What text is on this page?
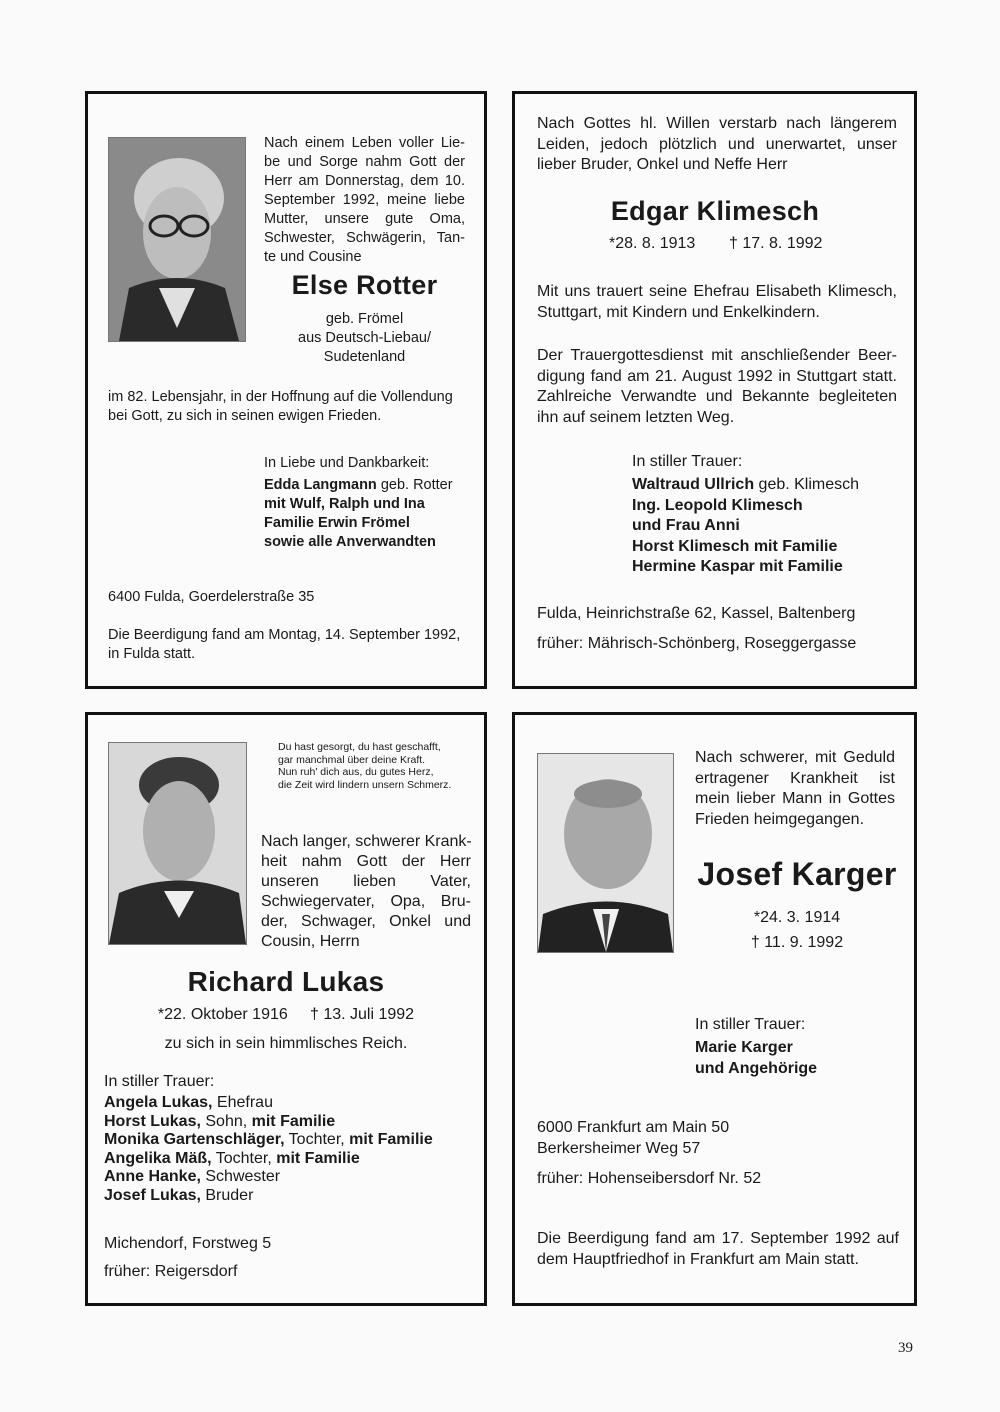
Nach einem Leben voller Lie-
be und Sorge nahm Gott der
Herr am Donnerstag, dem 10.
September 1992, meine liebe
Mutter, unsere gute Oma,
Schwester, Schwägerin, Tan-
te und Cousine
Else Rotter
geb. Frömel
aus Deutsch-Liebau/
Sudetenland
im 82. Lebensjahr, in der Hoffnung auf die Vollendung
bei Gott, zu sich in seinen ewigen Frieden.
In Liebe und Dankbarkeit:
Edda Langmann geb. Rotter
mit Wulf, Ralph und Ina
Familie Erwin Frömel
sowie alle Anverwandten
6400 Fulda, Goerdelerstraße 35
Die Beerdigung fand am Montag, 14. September 1992,
in Fulda statt.
Nach Gottes hl. Willen verstarb nach längerem
Leiden, jedoch plötzlich und unerwartet, unser
lieber Bruder, Onkel und Neffe Herr
Edgar Klimesch
*28. 8. 1913 † 17. 8. 1992
Mit uns trauert seine Ehefrau Elisabeth Klimesch,
Stuttgart, mit Kindern und Enkelkindern.
Der Trauergottesdienst mit anschließender Beer-
digung fand am 21. August 1992 in Stuttgart statt.
Zahlreiche Verwandte und Bekannte begleiteten
ihn auf seinem letzten Weg.
In stiller Trauer:
Waltraud Ullrich geb. Klimesch
Ing. Leopold Klimesch
und Frau Anni
Horst Klimesch mit Familie
Hermine Kaspar mit Familie
Fulda, Heinrichstraße 62, Kassel, Baltenberg
früher: Mährisch-Schönberg, Roseggergasse
Du hast gesorgt, du hast geschafft,
gar manchmal über deine Kraft.
Nun ruh' dich aus, du gutes Herz,
die Zeit wird lindern unsern Schmerz.
Nach langer, schwerer Krank-
heit nahm Gott der Herr
unseren lieben Vater,
Schwiegervater, Opa, Bru-
der, Schwager, Onkel und
Cousin, Herrn
Richard Lukas
*22. Oktober 1916     † 13. Juli 1992
zu sich in sein himmlisches Reich.
In stiller Trauer:
Angela Lukas, Ehefrau
Horst Lukas, Sohn, mit Familie
Monika Gartenschläger, Tochter, mit Familie
Angelika Mäß, Tochter, mit Familie
Anne Hanke, Schwester
Josef Lukas, Bruder
Michendorf, Forstweg 5
früher: Reigersdorf
Nach schwerer, mit Geduld
ertragener Krankheit ist
mein lieber Mann in Gottes
Frieden heimgegangen.
Josef Karger
*24. 3. 1914
† 11. 9. 1992
In stiller Trauer:
Marie Karger
und Angehörige
6000 Frankfurt am Main 50
Berkersheimer Weg 57
früher: Hohenseibersdorf Nr. 52
Die Beerdigung fand am 17. September 1992 auf
dem Hauptfriedhof in Frankfurt am Main statt.
39
